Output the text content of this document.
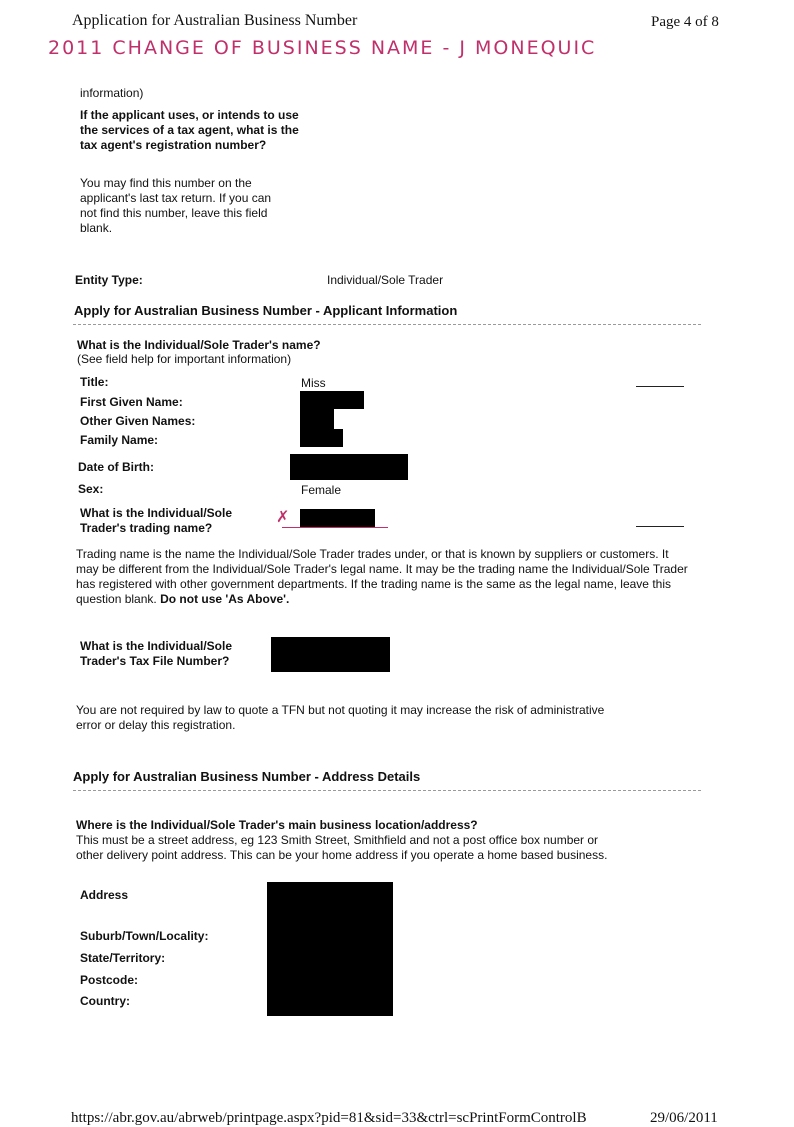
Application for Australian Business Number	Page 4 of 8
2011 CHANGE OF BUSINESS NAME - J MONEQUIC
information)
If the applicant uses, or intends to use the services of a tax agent, what is the tax agent's registration number?
You may find this number on the applicant's last tax return. If you can not find this number, leave this field blank.
Entity Type:	Individual/Sole Trader
Apply for Australian Business Number - Applicant Information
What is the Individual/Sole Trader's name?
(See field help for important information)
Title:	Miss
First Given Name:
Other Given Names:
Family Name:
Date of Birth:
Sex:	Female
What is the Individual/Sole Trader's trading name?
✗
Trading name is the name the Individual/Sole Trader trades under, or that is known by suppliers or customers. It may be different from the Individual/Sole Trader's legal name. It may be the trading name the Individual/Sole Trader has registered with other government departments. If the trading name is the same as the legal name, leave this question blank. Do not use 'As Above'.
What is the Individual/Sole Trader's Tax File Number?
You are not required by law to quote a TFN but not quoting it may increase the risk of administrative error or delay this registration.
Apply for Australian Business Number - Address Details
Where is the Individual/Sole Trader's main business location/address?
This must be a street address, eg 123 Smith Street, Smithfield and not a post office box number or other delivery point address. This can be your home address if you operate a home based business.
Address
Suburb/Town/Locality:
State/Territory:
Postcode:
Country:
https://abr.gov.au/abrweb/printpage.aspx?pid=81&sid=33&ctrl=scPrintFormControlB	29/06/2011
